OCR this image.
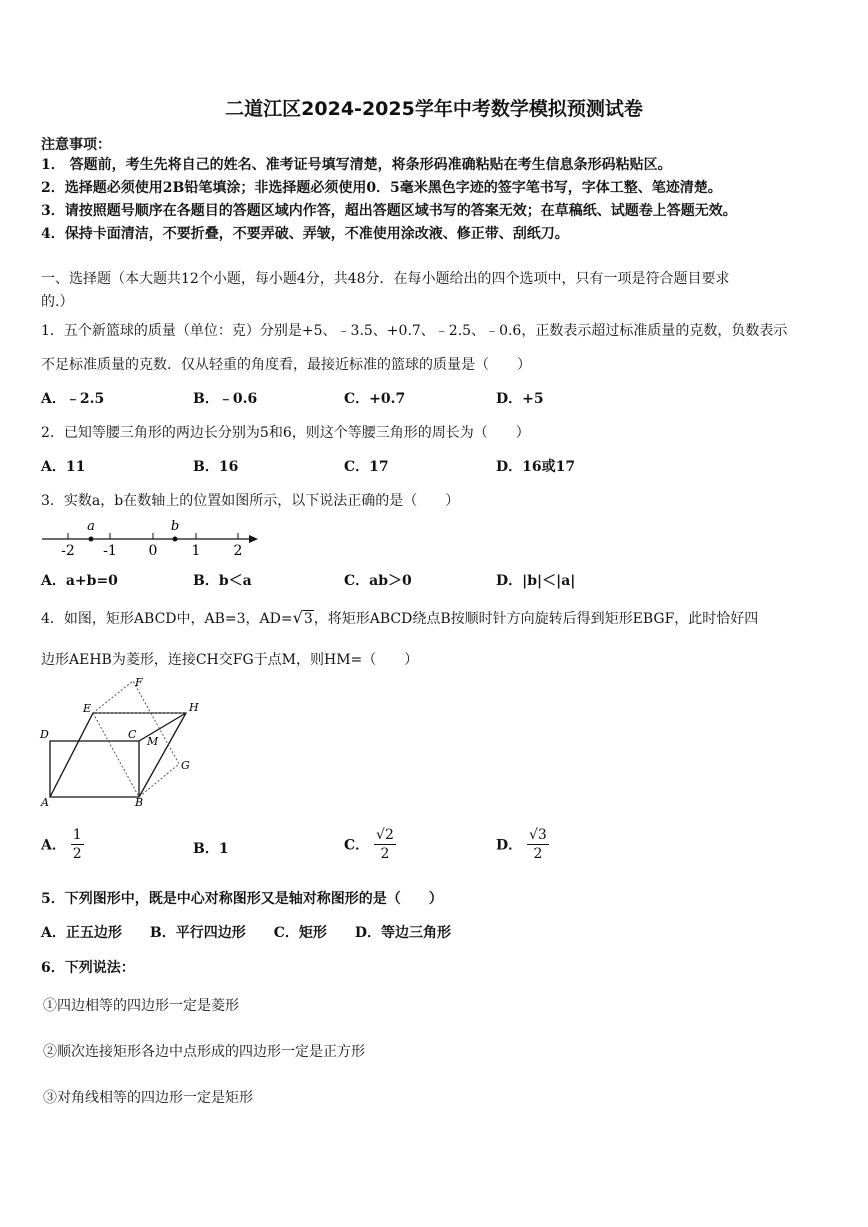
二道江区2024-2025学年中考数学模拟预测试卷
注意事项：
1． 答题前，考生先将自己的姓名、准考证号填写清楚，将条形码准确粘贴在考生信息条形码粘贴区。
2．选择题必须使用2B铅笔填涂；非选择题必须使用0．5毫米黑色字迹的签字笔书写，字体工整、笔迹清楚。
3．请按照题号顺序在各题目的答题区域内作答，超出答题区域书写的答案无效；在草稿纸、试题卷上答题无效。
4．保持卡面清洁，不要折叠，不要弄破、弄皱，不准使用涂改液、修正带、刮纸刀。
一、选择题（本大题共12个小题，每小题4分，共48分．在每小题给出的四个选项中，只有一项是符合题目要求
的.）
1．五个新篮球的质量（单位：克）分别是+5、﹣3.5、+0.7、﹣2.5、﹣0.6，正数表示超过标准质量的克数，负数表示
不足标准质量的克数．仅从轻重的角度看，最接近标准的篮球的质量是（　　）
A．﹣2.5	B．﹣0.6	C．+0.7	D．+5
2．已知等腰三角形的两边长分别为5和6，则这个等腰三角形的周长为（　　）
A．11	B．16	C．17	D．16或17
3．实数a，b在数轴上的位置如图所示，以下说法正确的是（　　）
-2 -1 0 1 2
a	b
A．a+b=0	B．b＜a	C．ab＞0	D．|b|＜|a|
4．如图，矩形ABCD中，AB=3，AD=√3，将矩形ABCD绕点B按顺时针方向旋转后得到矩形EBGF，此时恰好四
边形AEHB为菱形，连接CH交FG于点M，则HM=（　　）
F
E	H
D	C
M
G
A	B
A． $\frac{1}{2}$	B．1	C． $\frac{√2}{2}$	D． $\frac{√3}{2}$
5．下列图形中，既是中心对称图形又是轴对称图形的是（　　）
A．正五边形　　B．平行四边形　　C．矩形　　D．等边三角形
6．下列说法：
①四边相等的四边形一定是菱形
②顺次连接矩形各边中点形成的四边形一定是正方形
③对角线相等的四边形一定是矩形
